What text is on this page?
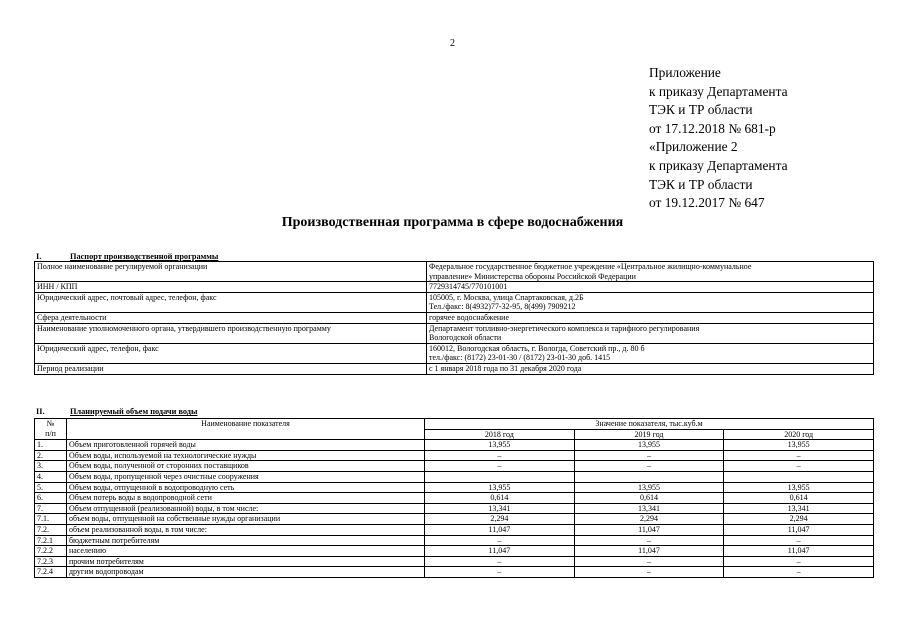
2
Приложение
к приказу Департамента
ТЭК и ТР области
от 17.12.2018 № 681-р
«Приложение 2
к приказу Департамента
ТЭК и ТР области
от 19.12.2017 № 647
Производственная программа в сфере водоснабжения
I.	Паспорт производственной программы
Полное наименование регулируемой организации	Федеральное государственное бюджетное учреждение «Центральное жилищно-коммунальное
управление» Министерства обороны Российской Федерации

ИНН / КПП	7729314745/770101001

Юридический адрес, почтовый адрес, телефон, факс	105005, г. Москва, улица Спартаковская, д.2Б
Тел./факс: 8(4932)77-32-95, 8(499) 7909212

Сфера деятельности	горячее водоснабжение

Наименование уполномоченного органа, утвердившего производственную программу	Департамент топливно-энергетического комплекса и тарифного регулирования
Вологодской области

Юридический адрес, телефон, факс	160012, Вологодская область, г. Вологда, Советский пр., д. 80 б
тел./факс: (8172) 23-01-30 / (8172) 23-01-30 доб. 1415

Период реализации	с 1 января 2018 года по 31 декабря 2020 года
II.	Планируемый объем подачи воды
№
п/п	Наименование показателя	Значение показателя, тыс.куб.м		
		2018 год	2019 год	2020 год
1.	Объем приготовленной горячей воды	13,955	13,955	13,955
2.	Объем воды, используемой на технологические нужды	–	–	–
3.	Объем воды, полученной от сторонних поставщиков	–	–	–
4.	Объем воды, пропущенной через очистные сооружения			
5.	Объем воды, отпущенной в водопроводную сеть	13,955	13,955	13,955
6.	Объем потерь воды в водопроводной сети	0,614	0,614	0,614
7.	Объем отпущенной (реализованной) воды, в том числе:	13,341	13,341	13,341
7.1.	объем воды, отпущенной на собственные нужды организации	2,294	2,294	2,294
7.2.	объем реализованной воды, в том числе:	11,047	11,047	11,047
7.2.1	бюджетным потребителям	–	–	–
7.2.2	населению	11,047	11,047	11,047
7.2.3	прочим потребителям	–	–	–
7.2.4	другим водопроводам	–	–	–
